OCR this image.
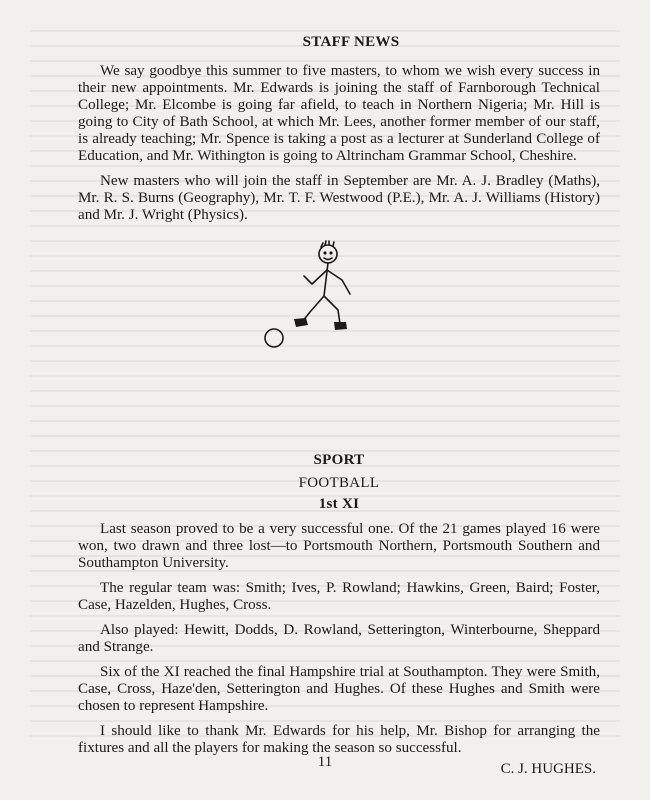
STAFF NEWS

We say goodbye this summer to five masters, to whom we wish every success in their new appointments. Mr. Edwards is joining the staff of Farnborough Technical College; Mr. Elcombe is going far afield, to teach in Northern Nigeria; Mr. Hill is going to City of Bath School, at which Mr. Lees, another former member of our staff, is already teaching; Mr. Spence is taking a post as a lecturer at Sunderland College of Education, and Mr. Withington is going to Altrincham Grammar School, Cheshire.

New masters who will join the staff in September are Mr. A. J. Bradley (Maths), Mr. R. S. Burns (Geography), Mr. T. F. Westwood (P.E.), Mr. A. J. Williams (History) and Mr. J. Wright (Physics).

SPORT
FOOTBALL
1st XI

Last season proved to be a very successful one. Of the 21 games played 16 were won, two drawn and three lost—to Portsmouth Northern, Portsmouth Southern and Southampton University.

The regular team was: Smith; Ives, P. Rowland; Hawkins, Green, Baird; Foster, Case, Hazelden, Hughes, Cross.

Also played: Hewitt, Dodds, D. Rowland, Setterington, Winterbourne, Sheppard and Strange.

Six of the XI reached the final Hampshire trial at Southampton. They were Smith, Case, Cross, Haze'den, Setterington and Hughes. Of these Hughes and Smith were chosen to represent Hampshire.

I should like to thank Mr. Edwards for his help, Mr. Bishop for arranging the fixtures and all the players for making the season so successful.

C. J. HUGHES.
11
